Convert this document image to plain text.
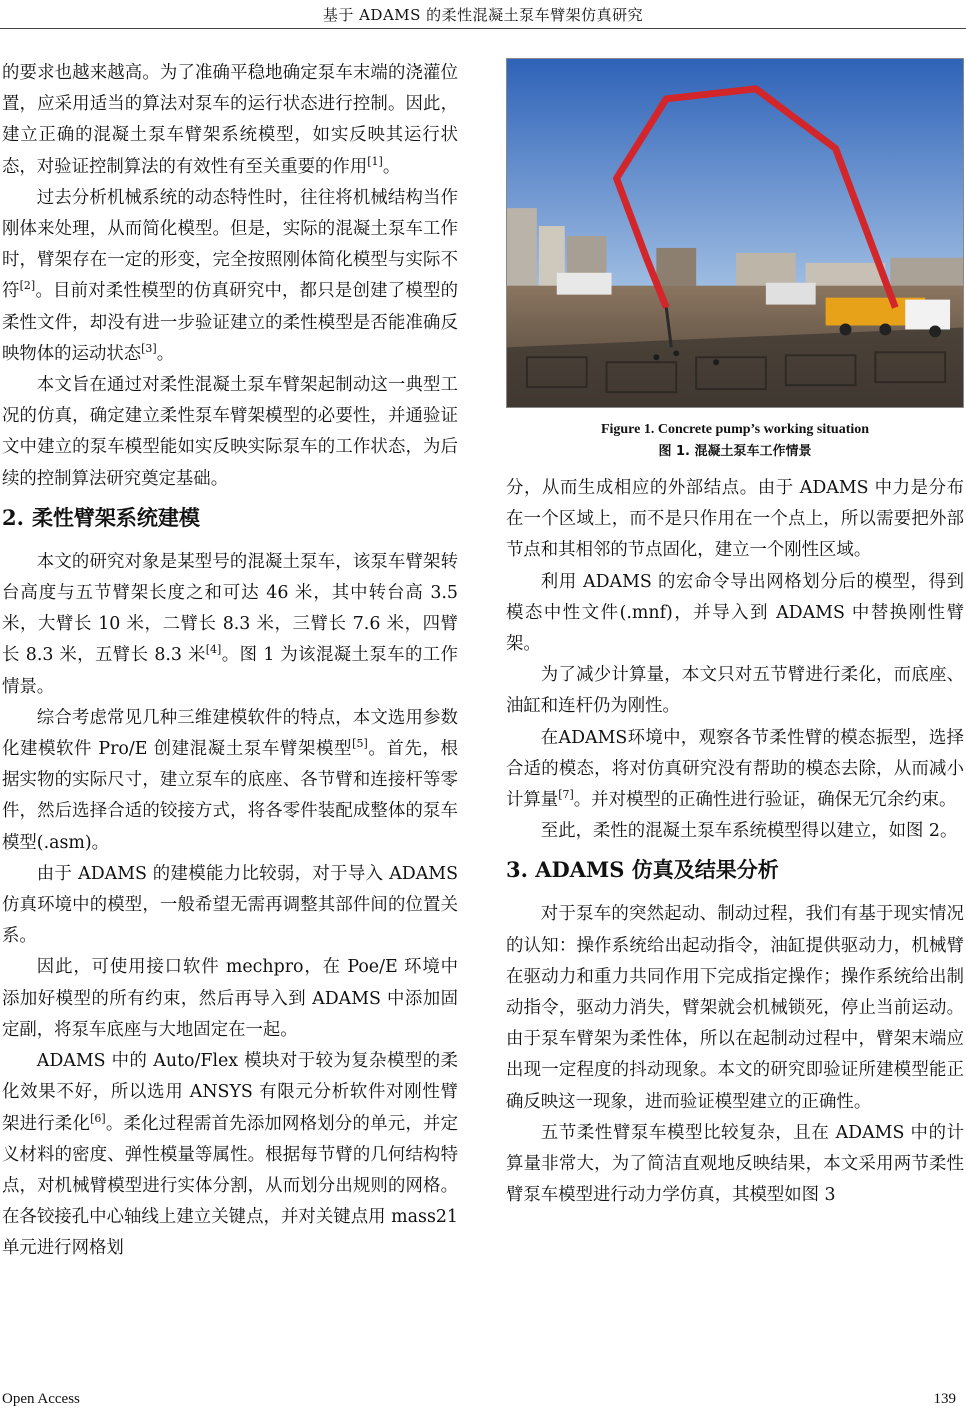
基于 ADAMS 的柔性混凝土泵车臂架仿真研究

的要求也越来越高。为了准确平稳地确定泵车末端的浇灌位置，应采用适当的算法对泵车的运行状态进行控制。因此，建立正确的混凝土泵车臂架系统模型，如实反映其运行状态，对验证控制算法的有效性有至关重要的作用[1]。

过去分析机械系统的动态特性时，往往将机械结构当作刚体来处理，从而简化模型。但是，实际的混凝土泵车工作时，臂架存在一定的形变，完全按照刚体简化模型与实际不符[2]。目前对柔性模型的仿真研究中，都只是创建了模型的柔性文件，却没有进一步验证建立的柔性模型是否能准确反映物体的运动状态[3]。

本文旨在通过对柔性混凝土泵车臂架起制动这一典型工况的仿真，确定建立柔性泵车臂架模型的必要性，并通验证文中建立的泵车模型能如实反映实际泵车的工作状态，为后续的控制算法研究奠定基础。

2. 柔性臂架系统建模

本文的研究对象是某型号的混凝土泵车，该泵车臂架转台高度与五节臂架长度之和可达 46 米，其中转台高 3.5 米，大臂长 10 米，二臂长 8.3 米，三臂长 7.6 米，四臂长 8.3 米，五臂长 8.3 米[4]。图 1 为该混凝土泵车的工作情景。

综合考虑常见几种三维建模软件的特点，本文选用参数化建模软件 Pro/E 创建混凝土泵车臂架模型[5]。首先，根据实物的实际尺寸，建立泵车的底座、各节臂和连接杆等零件，然后选择合适的铰接方式，将各零件装配成整体的泵车模型(.asm)。

由于 ADAMS 的建模能力比较弱，对于导入 ADAMS 仿真环境中的模型，一般希望无需再调整其部件间的位置关系。

因此，可使用接口软件 mechpro，在 Poe/E 环境中添加好模型的所有约束，然后再导入到 ADAMS 中添加固定副，将泵车底座与大地固定在一起。

ADAMS 中的 Auto/Flex 模块对于较为复杂模型的柔化效果不好，所以选用 ANSYS 有限元分析软件对刚性臂架进行柔化[6]。柔化过程需首先添加网格划分的单元，并定义材料的密度、弹性模量等属性。根据每节臂的几何结构特点，对机械臂模型进行实体分割，从而划分出规则的网格。在各铰接孔中心轴线上建立关键点，并对关键点用 mass21 单元进行网格划

Figure 1. Concrete pump’s working situation
图 1. 混凝土泵车工作情景

分，从而生成相应的外部结点。由于 ADAMS 中力是分布在一个区域上，而不是只作用在一个点上，所以需要把外部节点和其相邻的节点固化，建立一个刚性区域。

利用 ADAMS 的宏命令导出网格划分后的模型，得到模态中性文件(.mnf)，并导入到 ADAMS 中替换刚性臂架。

为了减少计算量，本文只对五节臂进行柔化，而底座、油缸和连杆仍为刚性。

在ADAMS环境中，观察各节柔性臂的模态振型，选择合适的模态，将对仿真研究没有帮助的模态去除，从而减小计算量[7]。并对模型的正确性进行验证，确保无冗余约束。

至此，柔性的混凝土泵车系统模型得以建立，如图 2。

3. ADAMS 仿真及结果分析

对于泵车的突然起动、制动过程，我们有基于现实情况的认知：操作系统给出起动指令，油缸提供驱动力，机械臂在驱动力和重力共同作用下完成指定操作；操作系统给出制动指令，驱动力消失，臂架就会机械锁死，停止当前运动。由于泵车臂架为柔性体，所以在起制动过程中，臂架末端应出现一定程度的抖动现象。本文的研究即验证所建模型能正确反映这一现象，进而验证模型建立的正确性。

五节柔性臂泵车模型比较复杂，且在 ADAMS 中的计算量非常大，为了简洁直观地反映结果，本文采用两节柔性臂泵车模型进行动力学仿真，其模型如图 3

Open Access	139
